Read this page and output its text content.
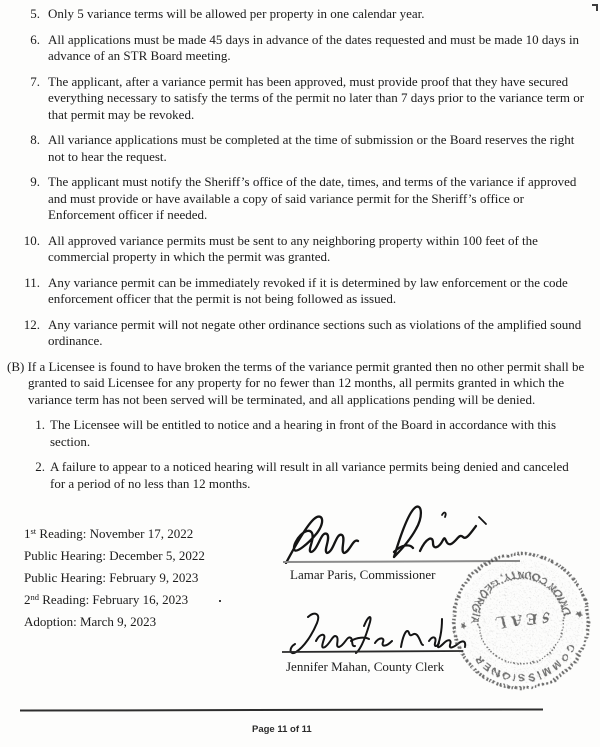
5. Only 5 variance terms will be allowed per property in one calendar year.
6. All applications must be made 45 days in advance of the dates requested and must be made 10 days in advance of an STR Board meeting.
7. The applicant, after a variance permit has been approved, must provide proof that they have secured everything necessary to satisfy the terms of the permit no later than 7 days prior to the variance term or that permit may be revoked.
8. All variance applications must be completed at the time of submission or the Board reserves the right not to hear the request.
9. The applicant must notify the Sheriff’s office of the date, times, and terms of the variance if approved and must provide or have available a copy of said variance permit for the Sheriff’s office or Enforcement officer if needed.
10. All approved variance permits must be sent to any neighboring property within 100 feet of the commercial property in which the permit was granted.
11. Any variance permit can be immediately revoked if it is determined by law enforcement or the code enforcement officer that the permit is not being followed as issued.
12. Any variance permit will not negate other ordinance sections such as violations of the amplified sound ordinance.

(B) If a Licensee is found to have broken the terms of the variance permit granted then no other permit shall be granted to said Licensee for any property for no fewer than 12 months, all permits granted in which the variance term has not been served will be terminated, and all applications pending will be denied.

1. The Licensee will be entitled to notice and a hearing in front of the Board in accordance with this section.
2. A failure to appear to a noticed hearing will result in all variance permits being denied and canceled for a period of no less than 12 months.
1st Reading: November 17, 2022
Public Hearing: December 5, 2022
Public Hearing: February 9, 2023
2nd Reading: February 16, 2023
Adoption: March 9, 2023
Lamar Paris, Commissioner
Jennifer Mahan, County Clerk
COMMISSIONER
UNION COUNTY, GEORGIA
★
★ SEAL
Page 11 of 11
